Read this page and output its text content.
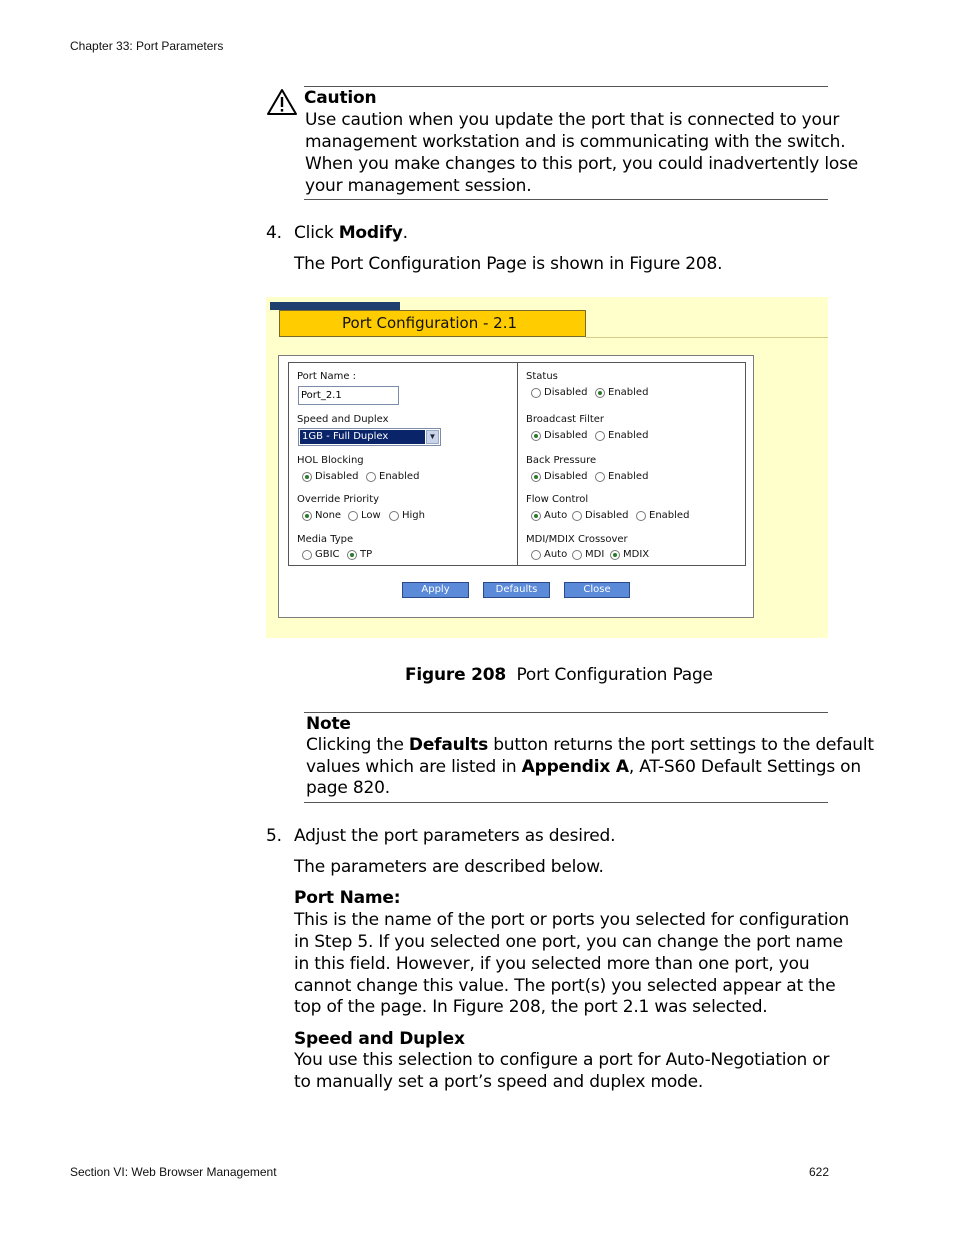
Chapter 33: Port Parameters
Caution
Use caution when you update the port that is connected to your
management workstation and is communicating with the switch.
When you make changes to this port, you could inadvertently lose
your management session.
4. Click Modify.
The Port Configuration Page is shown in Figure 208.
Port Configuration - 2.1
Port Name :
Port_2.1
Speed and Duplex
1GB - Full Duplex	▼
HOL Blocking
Disabled Enabled
Override Priority
None Low High
Media Type
GBIC TP
Status
Disabled Enabled
Broadcast Filter
Disabled Enabled
Back Pressure
Disabled Enabled
Flow Control
Auto Disabled Enabled
MDI/MDIX Crossover
Auto MDI MDIX
Apply	Defaults	Close
Figure 208 Port Configuration Page
Note
Clicking the Defaults button returns the port settings to the default
values which are listed in Appendix A, AT-S60 Default Settings on
page 820.
5. Adjust the port parameters as desired.
The parameters are described below.
Port Name:
This is the name of the port or ports you selected for configuration
in Step 5. If you selected one port, you can change the port name
in this field. However, if you selected more than one port, you
cannot change this value. The port(s) you selected appear at the
top of the page. In Figure 208, the port 2.1 was selected.
Speed and Duplex
You use this selection to configure a port for Auto-Negotiation or
to manually set a port’s speed and duplex mode.
Section VI: Web Browser Management	622
